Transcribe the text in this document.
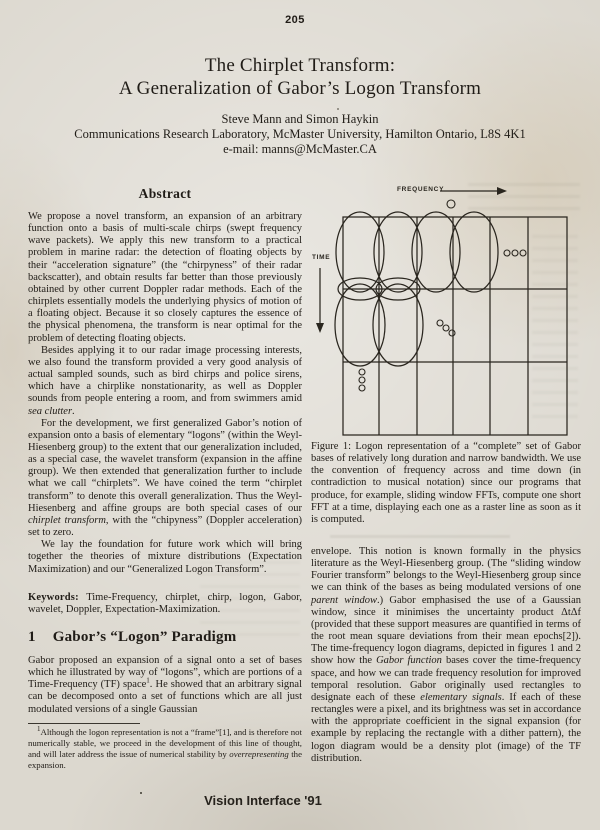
205
The Chirplet Transform:
A Generalization of Gabor’s Logon Transform
Steve Mann and Simon Haykin
Communications Research Laboratory, McMaster University, Hamilton Ontario, L8S 4K1
e-mail: manns@McMaster.CA
Abstract

We propose a novel transform, an expansion of an arbitrary function onto a basis of multi-scale chirps (swept frequency wave packets). We apply this new transform to a practical problem in marine radar: the detection of floating objects by their “acceleration signature” (the “chirpyness” of their radar backscatter), and obtain results far better than those previously obtained by other current Doppler radar methods. Each of the chirplets essentially models the underlying physics of motion of a floating object. Because it so closely captures the essence of the physical phenomena, the transform is near optimal for the problem of detecting floating objects.

Besides applying it to our radar image processing interests, we also found the transform provided a very good analysis of actual sampled sounds, such as bird chirps and police sirens, which have a chirplike nonstationarity, as well as Doppler sounds from people entering a room, and from swimmers amid sea clutter.

For the development, we first generalized Gabor’s notion of expansion onto a basis of elementary “logons” (within the Weyl-Hiesenberg group) to the extent that our generalization included, as a special case, the wavelet transform (expansion in the affine group). We then extended that generalization further to include what we call “chirplets”. We have coined the term “chirplet transform” to denote this overall generalization. Thus the Weyl-Hiesenberg and affine groups are both special cases of our chirplet transform, with the “chipyness” (Doppler acceleration) set to zero.

We lay the foundation for future work which will bring together the theories of mixture distributions (Expectation Maximization) and our “Generalized Logon Transform”.

Keywords: Time-Frequency, chirplet, chirp, logon, Gabor, wavelet, Doppler, Expectation-Maximization.

1 Gabor’s “Logon” Paradigm

Gabor proposed an expansion of a signal onto a set of bases which he illustrated by way of “logons”, which are portions of a Time-Frequency (TF) space$^1$. He showed that an arbitrary signal can be decomposed onto a set of functions which are all just modulated versions of a single Gaussian

$^1$Although the logon representation is not a “frame”[1], and is therefore not numerically stable, we proceed in the development of this line of thought, and will later address the issue of numerical stability by overrepresenting the expansion.

FREQUENCY
TIME

Figure 1: Logon representation of a “complete” set of Gabor bases of relatively long duration and narrow bandwidth. We use the convention of frequency across and time down (in contradiction to musical notation) since our programs that produce, for example, sliding window FFTs, compute one short FFT at a time, displaying each one as a raster line as soon as it is computed.

envelope. This notion is known formally in the physics literature as the Weyl-Hiesenberg group. (The “sliding window Fourier transform” belongs to the Weyl-Hiesenberg group since we can think of the bases as being modulated versions of one parent window.) Gabor emphasised the use of a Gaussian window, since it minimises the uncertainty product ΔtΔf (provided that these support measures are quantified in terms of the root mean square deviations from their mean epochs[2]). The time-frequency logon diagrams, depicted in figures 1 and 2 show how the Gabor function bases cover the time-frequency space, and how we can trade frequency resolution for improved temporal resolution. Gabor originally used rectangles to designate each of these elementary signals. If each of these rectangles were a pixel, and its brightness was set in accordance with the appropriate coefficient in the signal expansion (for example by replacing the rectangle with a dither pattern), the logon diagram would be a density plot (image) of the TF distribution.

Vision Interface '91
